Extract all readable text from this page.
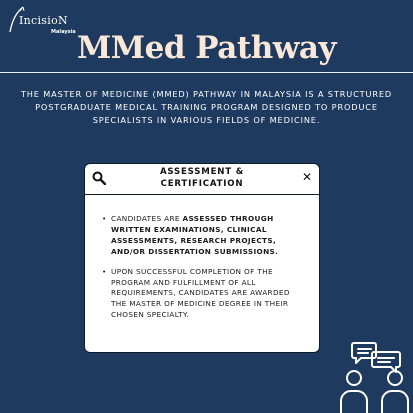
IncisioN
Malaysia MMed Pathway
THE MASTER OF MEDICINE (MMED) PATHWAY IN MALAYSIA IS A STRUCTURED POSTGRADUATE MEDICAL TRAINING PROGRAM DESIGNED TO PRODUCE SPECIALISTS IN VARIOUS FIELDS OF MEDICINE.
ASSESSMENT &
CERTIFICATION	✕
• CANDIDATES ARE ASSESSED THROUGH WRITTEN EXAMINATIONS, CLINICAL ASSESSMENTS, RESEARCH PROJECTS, AND/OR DISSERTATION SUBMISSIONS.
• UPON SUCCESSFUL COMPLETION OF THE PROGRAM AND FULFILLMENT OF ALL REQUIREMENTS, CANDIDATES ARE AWARDED THE MASTER OF MEDICINE DEGREE IN THEIR CHOSEN SPECIALTY.
